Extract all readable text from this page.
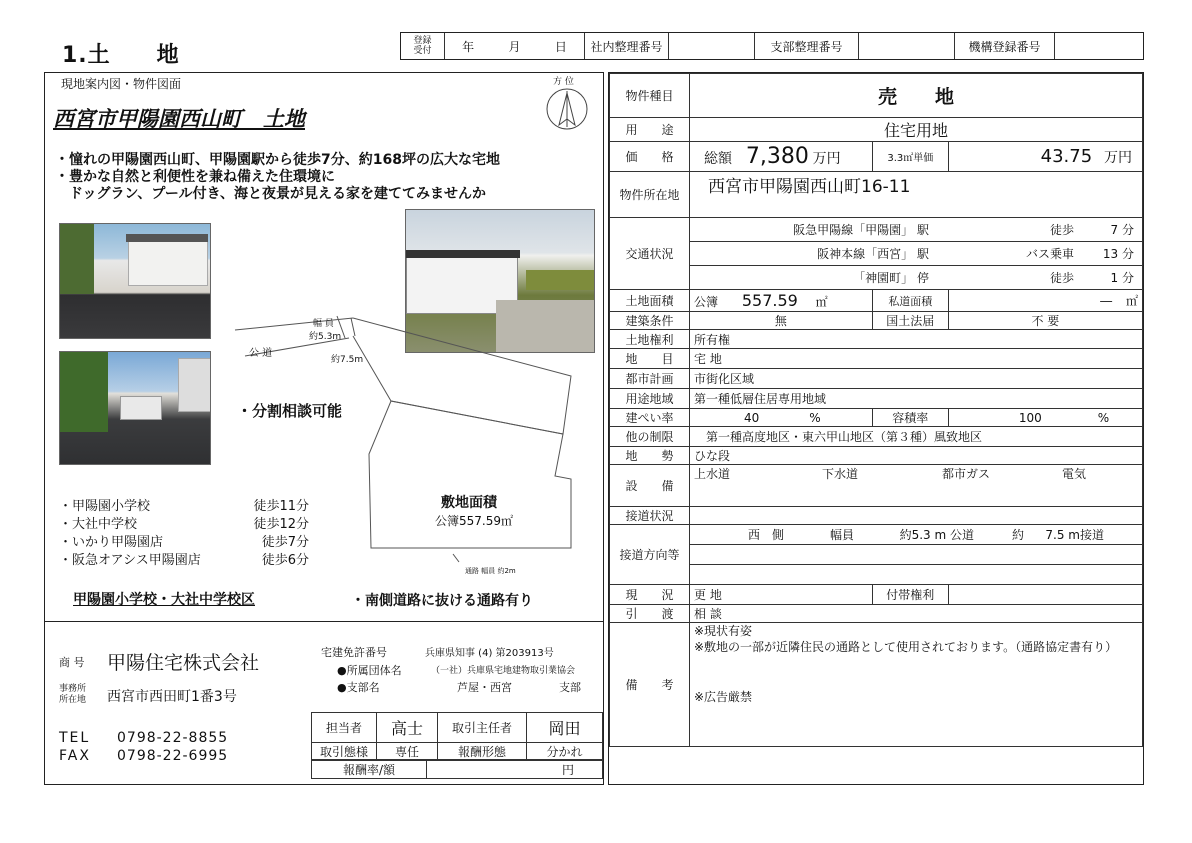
1.土　　地
登録
受付	年	月	日	社内整理番号	支部整理番号	機構登録番号
現地案内図・物件図面	方 位
西宮市甲陽園西山町　土地
・憧れの甲陽園西山町、甲陽園駅から徒歩7分、約168坪の広大な宅地
・豊かな自然と利便性を兼ね備えた住環境に
　ドッグラン、プール付き、海と夜景が見える家を建ててみませんか
公 道
幅 員
約5.3m
約7.5m
・分割相談可能
敷地面積
公簿557.59㎡
通路 幅員 約2m
・甲陽園小学校	徒歩11分
・大社中学校	徒歩12分
・いかり甲陽園店	徒歩7分
・阪急オアシス甲陽園店	徒歩6分
甲陽園小学校・大社中学校区	・南側道路に抜ける通路有り
商 号 甲陽住宅株式会社
事務所
所在地 西宮市西田町1番3号
TEL 0798-22-8855
FAX 0798-22-6995
宅建免許番号	兵庫県知事 (4) 第203913号
●所属団体名	（一社）兵庫県宅地建物取引業協会
●支部名	芦屋・西宮	支部
担当者	高士	取引主任者	岡田
取引態様	専任	報酬形態	分かれ
報酬率/額	円
物件種目	売　　地		
用　　途	住宅用地		
価　　格	総額 7,380 万円	3.3㎡単価	43.75 万円
物件所在地	西宮市甲陽園西山町16-11		
交通状況	阪急甲陽線「甲陽園」 駅 徒歩 7 分		

	阪神本線「西宮」 駅 バス乗車 13 分		

	「神園町」 停 徒歩 1 分		

土地面積	公簿 557.59 ㎡	私道面積	― ㎡
建築条件	無	国土法届	不 要
土地権利	所有権		
地　　目	宅 地		
都市計画	市街化区域		
用途地域	第一種低層住居専用地域		
建ぺい率	40 %	容積率	100 %
他の制限	第一種高度地区・東六甲山地区（第３種）風致地区		
地　　勢	ひな段		
設　　備	上水道 下水道 都市ガス 電気		

接道状況			
接道方向等	西　側 幅員 約5.3 m 公道 約 7.5 m接道		

現　　況	更 地	付帯権利	
引　　渡	相 談		
備　　考	※現状有姿
※敷地の一部が近隣住民の通路として使用されております。（通路協定書有り）
※広告厳禁		
